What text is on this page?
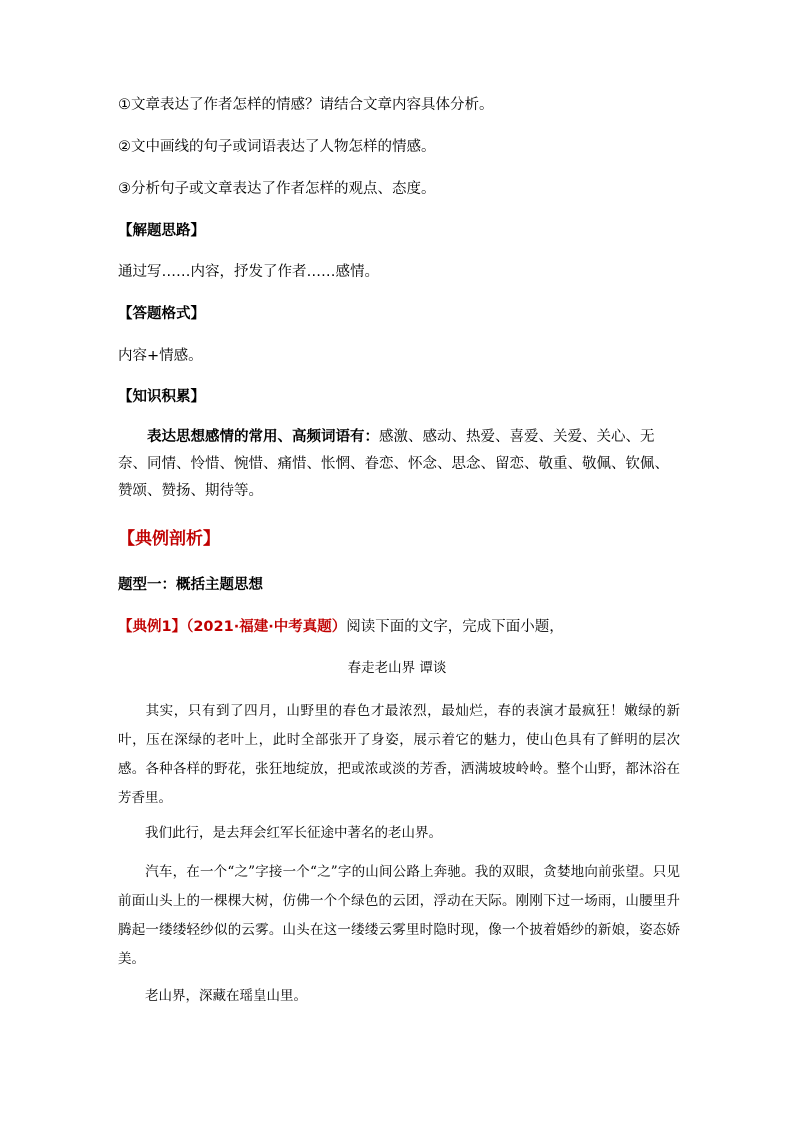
①文章表达了作者怎样的情感？请结合文章内容具体分析。
②文中画线的句子或词语表达了人物怎样的情感。
③分析句子或文章表达了作者怎样的观点、态度。
【解题思路】
通过写……内容，抒发了作者……感情。
【答题格式】
内容+情感。
【知识积累】
表达思想感情的常用、高频词语有：感激、感动、热爱、喜爱、关爱、关心、无奈、同情、怜惜、惋惜、痛惜、怅惘、眷恋、怀念、思念、留恋、敬重、敬佩、钦佩、赞颂、赞扬、期待等。
【典例剖析】
题型一：概括主题思想
【典例1】（2021·福建·中考真题）阅读下面的文字，完成下面小题，
春走老山界 谭谈
其实，只有到了四月，山野里的春色才最浓烈，最灿烂，春的表演才最疯狂！嫩绿的新叶，压在深绿的老叶上，此时全部张开了身姿，展示着它的魅力，使山色具有了鲜明的层次感。各种各样的野花，张狂地绽放，把或浓或淡的芳香，洒满坡坡岭岭。整个山野，都沐浴在芳香里。
我们此行，是去拜会红军长征途中著名的老山界。
汽车，在一个“之”字接一个“之”字的山间公路上奔驰。我的双眼，贪婪地向前张望。只见前面山头上的一棵棵大树，仿佛一个个绿色的云团，浮动在天际。刚刚下过一场雨，山腰里升腾起一缕缕轻纱似的云雾。山头在这一缕缕云雾里时隐时现，像一个披着婚纱的新娘，姿态娇美。
老山界，深藏在瑶皇山里。
